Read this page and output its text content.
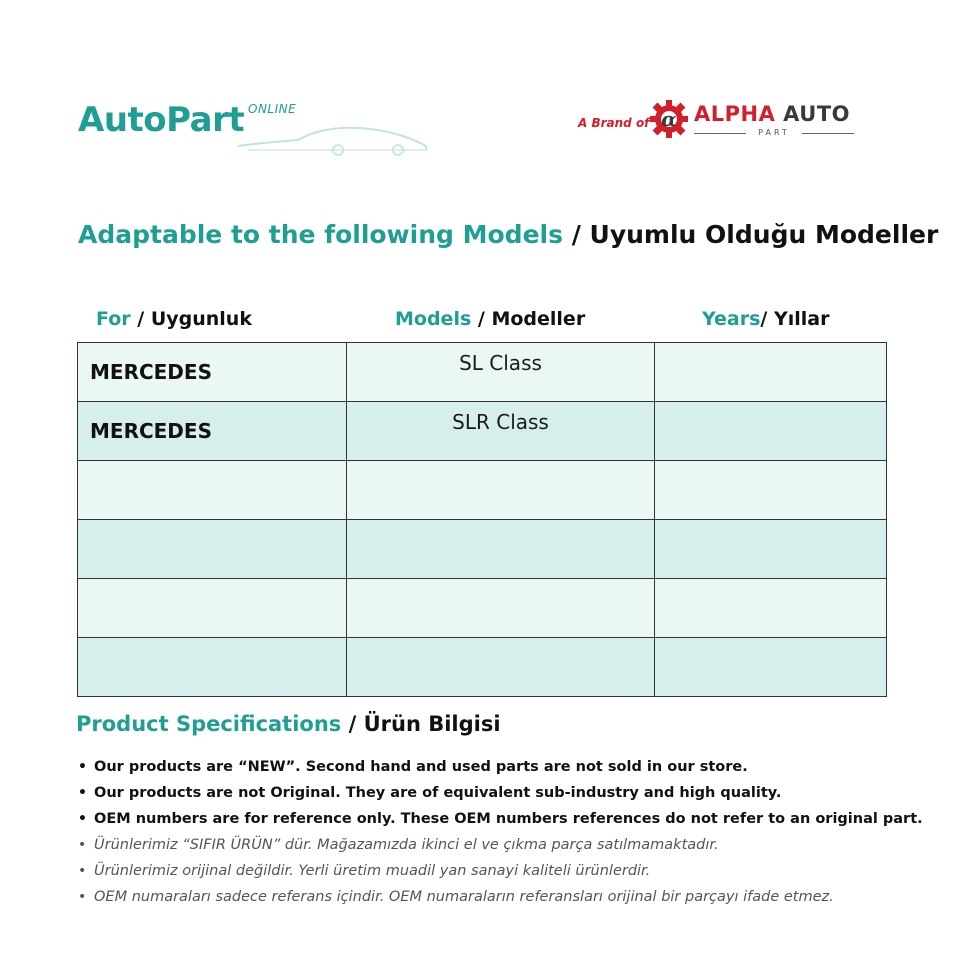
AutoPart ONLINE
A Brand of α ALPHA AUTO
PART
Adaptable to the following Models / Uyumlu Olduğu Modeller
For / Uygunluk	Models / Modeller	Years/ Yıllar
MERCEDES	SL Class	
MERCEDES	SLR Class	

Product Specifications / Ürün Bilgisi
• Our products are “NEW”. Second hand and used parts are not sold in our store.
• Our products are not Original. They are of equivalent sub-industry and high quality.
• OEM numbers are for reference only. These OEM numbers references do not refer to an original part.
• Ürünlerimiz “SIFIR ÜRÜN” dür. Mağazamızda ikinci el ve çıkma parça satılmamaktadır.
• Ürünlerimiz orijinal değildir. Yerli üretim muadil yan sanayi kaliteli ürünlerdir.
• OEM numaraları sadece referans içindir. OEM numaraların referansları orijinal bir parçayı ifade etmez.
